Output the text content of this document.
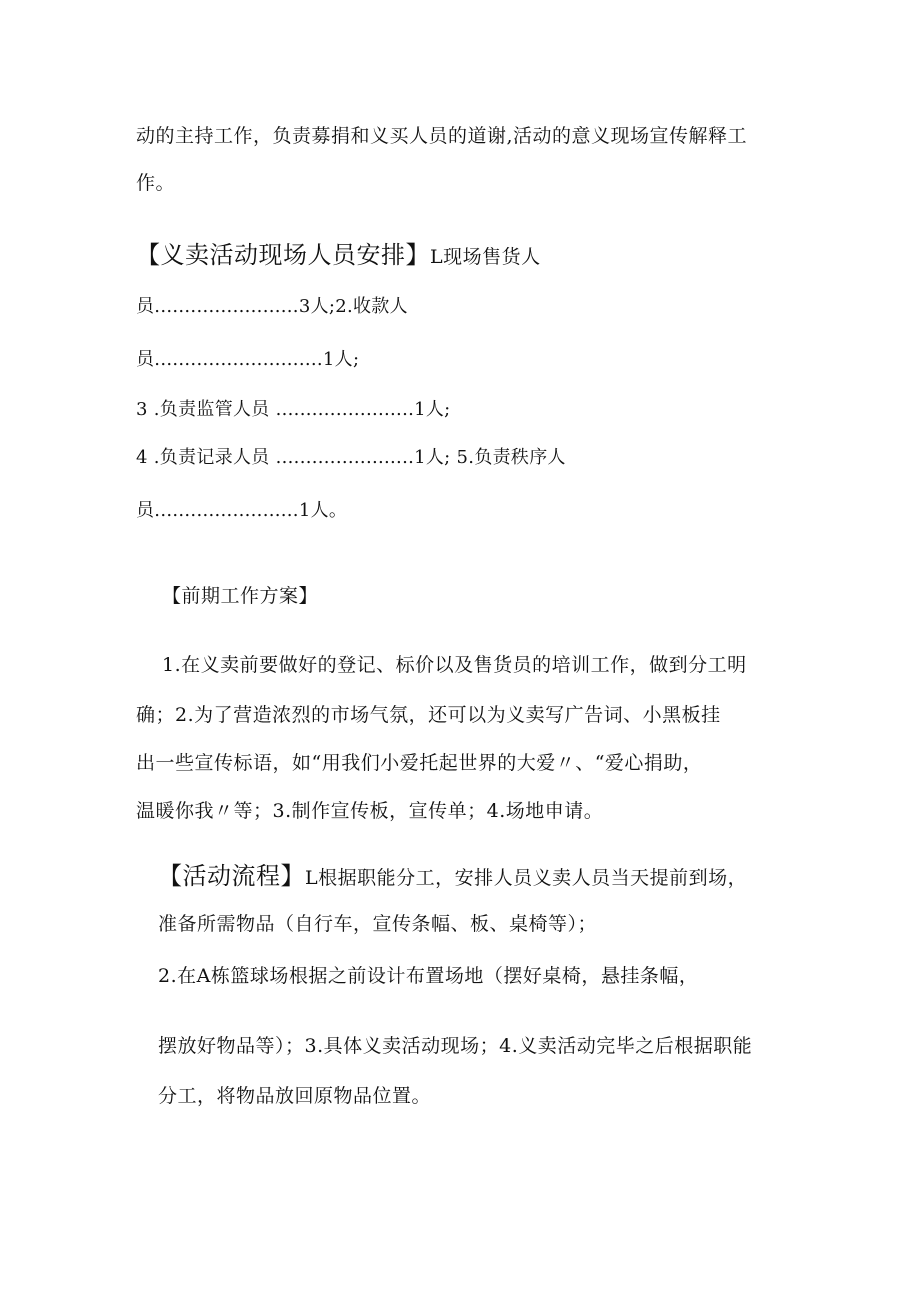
动的主持工作，负责募捐和义买人员的道谢,活动的意义现场宣传解释工

作。

【义卖活动现场人员安排】L现场售货人

员........................3人;2.收款人

员............................1人;

3 .负责监管人员 .......................1人;

4 .负责记录人员 .......................1人; 5.负责秩序人

员........................1人。

【前期工作方案】

1.在义卖前要做好的登记、标价以及售货员的培训工作，做到分工明

确；2.为了营造浓烈的市场气氛，还可以为义卖写广告词、小黑板挂

出一些宣传标语，如“用我们小爱托起世界的大爱〃、“爱心捐助，

温暖你我〃等；3.制作宣传板，宣传单；4.场地申请。

【活动流程】L根据职能分工，安排人员义卖人员当天提前到场，

准备所需物品（自行车，宣传条幅、板、桌椅等）；

2.在A栋篮球场根据之前设计布置场地（摆好桌椅，悬挂条幅，

摆放好物品等）；3.具体义卖活动现场；4.义卖活动完毕之后根据职能

分工，将物品放回原物品位置。
